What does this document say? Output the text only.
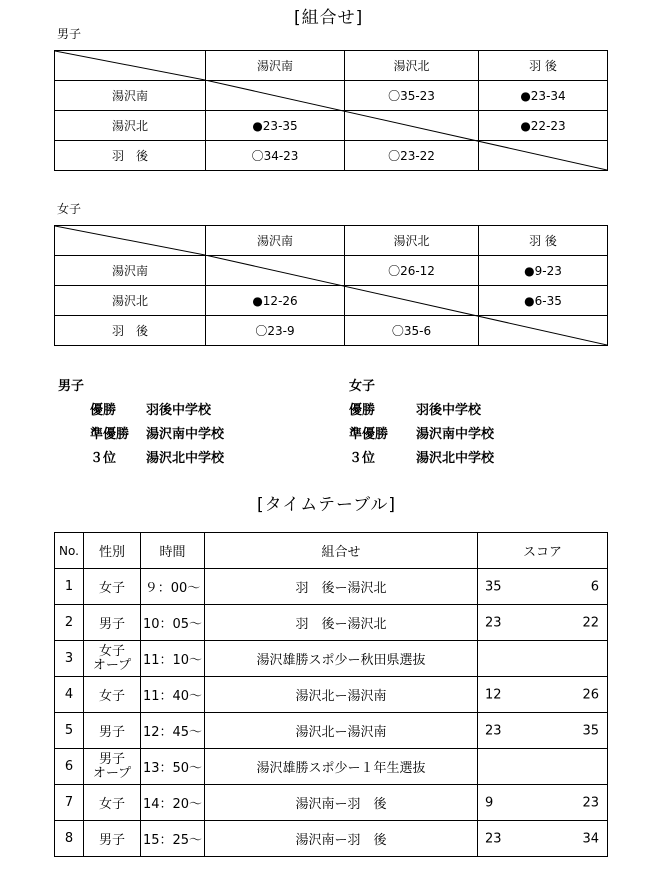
[組合せ]
男子
	湯沢南	湯沢北	羽 後
湯沢南		〇35-23	●23-34
湯沢北	●23-35		●22-23
羽　後	〇34-23	〇23-22	
女子
	湯沢南	湯沢北	羽 後
湯沢南		〇26-12	●9-23
湯沢北	●12-26		●6-35
羽　後	〇23-9	〇35-6	
男子
優勝 羽後中学校
準優勝 湯沢南中学校
３位 湯沢北中学校
女子
優勝	羽後中学校
準優勝 湯沢南中学校
３位	湯沢北中学校
[タイムテーブル]
No.	性別	時間	組合せ	スコア
1	女子	９：00～	羽　後ー湯沢北	35 6

2	男子	10：05～	羽　後ー湯沢北	23 22

3	女子
オープ	11：10～	湯沢雄勝スポ少ー秋田県選抜	

4	女子	11：40～	湯沢北ー湯沢南	12 26

5	男子	12：45～	湯沢北ー湯沢南	23 35

6	男子
オープ	13：50～	湯沢雄勝スポ少ー１年生選抜	

7	女子	14：20～	湯沢南ー羽　後	9 23

8	男子	15：25～	湯沢南ー羽　後	23 34
